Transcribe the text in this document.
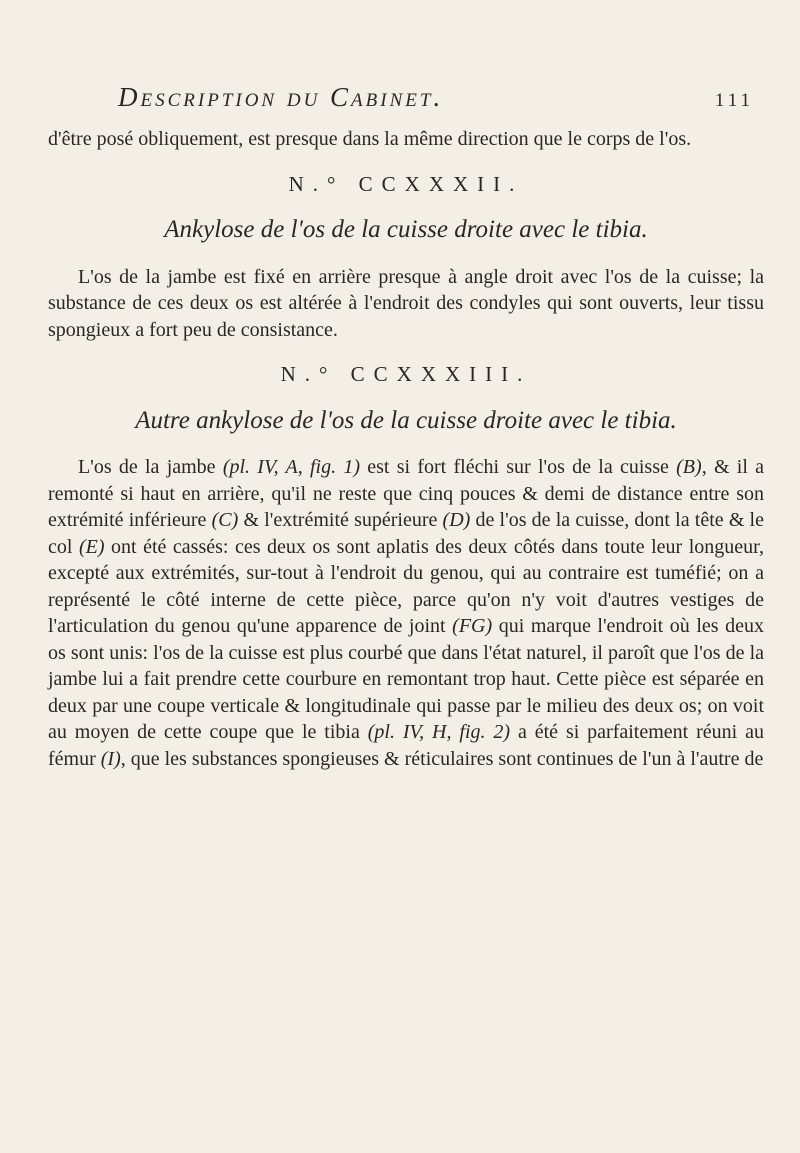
Description du Cabinet.	111

d'être posé obliquement, est presque dans la même direction que le corps de l'os.

N.° CCXXXII.
Ankylose de l'os de la cuisse droite avec le tibia.

L'os de la jambe est fixé en arrière presque à angle droit avec l'os de la cuisse; la substance de ces deux os est altérée à l'endroit des condyles qui sont ouverts, leur tissu spongieux a fort peu de consistance.

N.° CCXXXIII.
Autre ankylose de l'os de la cuisse droite avec le tibia.

L'os de la jambe (pl. IV, A, fig. 1) est si fort fléchi sur l'os de la cuisse (B), & il a remonté si haut en arrière, qu'il ne reste que cinq pouces & demi de distance entre son extrémité inférieure (C) & l'extrémité supérieure (D) de l'os de la cuisse, dont la tête & le col (E) ont été cassés: ces deux os sont aplatis des deux côtés dans toute leur longueur, excepté aux extrémités, sur-tout à l'endroit du genou, qui au contraire est tuméfié; on a représenté le côté interne de cette pièce, parce qu'on n'y voit d'autres vestiges de l'articulation du genou qu'une apparence de joint (FG) qui marque l'endroit où les deux os sont unis: l'os de la cuisse est plus courbé que dans l'état naturel, il paroît que l'os de la jambe lui a fait prendre cette courbure en remontant trop haut. Cette pièce est séparée en deux par une coupe verticale & longitudinale qui passe par le milieu des deux os; on voit au moyen de cette coupe que le tibia (pl. IV, H, fig. 2) a été si parfaitement réuni au fémur (I), que les substances spongieuses & réticulaires sont continues de l'un à l'autre de
